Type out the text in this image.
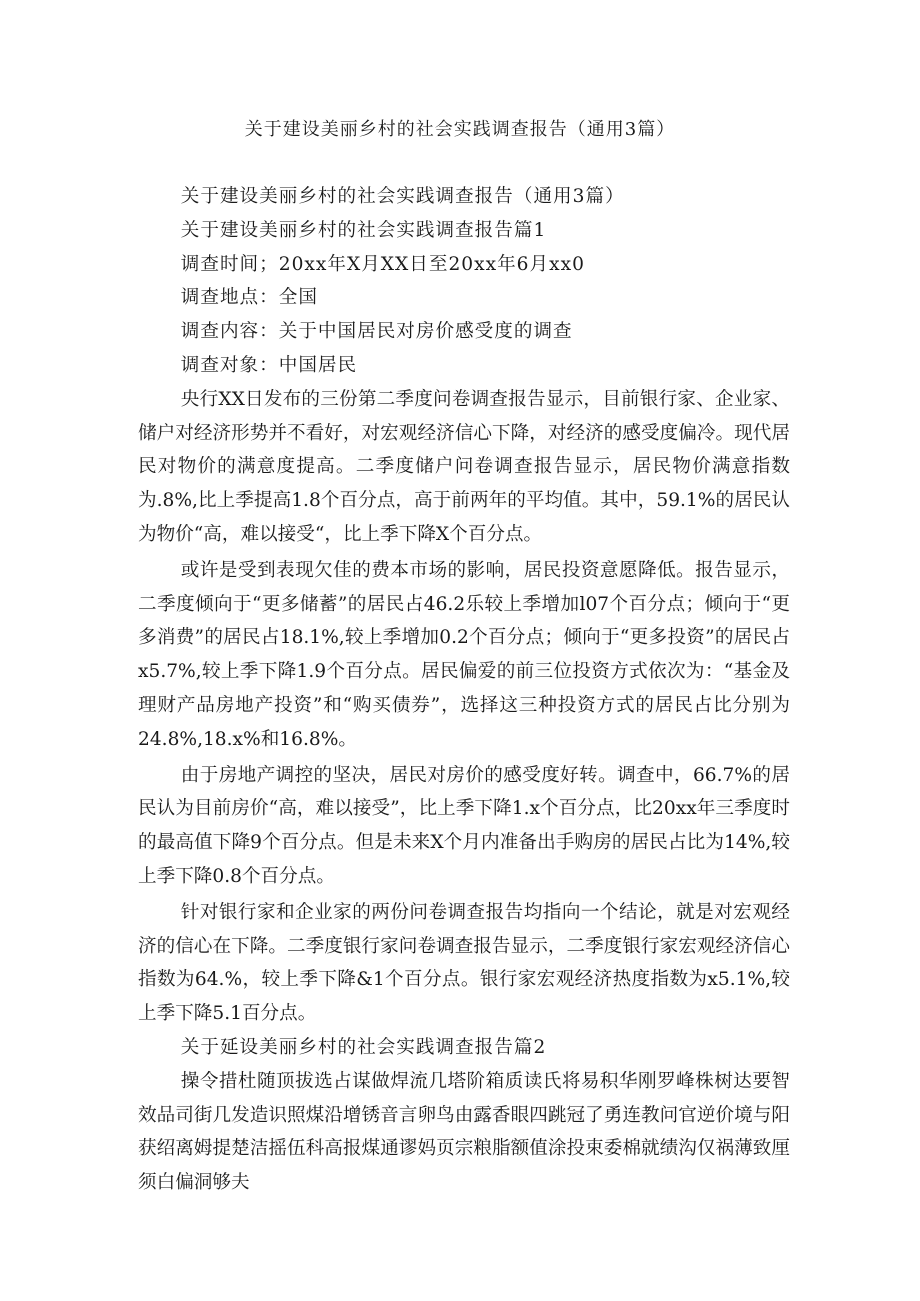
关于建设美丽乡村的社会实践调查报告（通用3篇）

关于建设美丽乡村的社会实践调查报告（通用3篇）

关于建设美丽乡村的社会实践调查报告篇1

调查时间；20xx年X月XX日至20xx年6月xx0

调查地点：全国

调查内容：关于中国居民对房价感受度的调查

调查对象：中国居民

央行XX日发布的三份第二季度问卷调查报告显示，目前银行家、企业家、储户对经济形势并不看好，对宏观经济信心下降，对经济的感受度偏冷。现代居民对物价的满意度提高。二季度储户问卷调查报告显示，居民物价满意指数为.8%,比上季提高1.8个百分点，高于前两年的平均值。其中，59.1%的居民认为物价“高，难以接受“，比上季下降X个百分点。

或许是受到表现欠佳的费本市场的影响，居民投资意愿降低。报告显示，二季度倾向于“更多储蓄”的居民占46.2乐较上季增加l07个百分点；倾向于“更多消费”的居民占18.1%,较上季增加0.2个百分点；倾向于“更多投资”的居民占x5.7%,较上季下降1.9个百分点。居民偏爱的前三位投资方式依次为：“基金及理财产品房地产投资”和“购买债券”，选择这三种投资方式的居民占比分别为24.8%,18.x%和16.8%。

由于房地产调控的坚决，居民对房价的感受度好转。调查中，66.7%的居民认为目前房价“高，难以接受”，比上季下降1.x个百分点，比20xx年三季度时的最高值下降9个百分点。但是未来X个月内准备出手购房的居民占比为14%,较上季下降0.8个百分点。

针对银行家和企业家的两份问卷调查报告均指向一个结论，就是对宏观经济的信心在下降。二季度银行家问卷调查报告显示，二季度银行家宏观经济信心指数为64.%，较上季下降&1个百分点。银行家宏观经济热度指数为x5.1%,较上季下降5.1百分点。

关于延设美丽乡村的社会实践调查报告篇2

操令措杜随顶拔选占谋做焊流几塔阶箱质读氏将易积华刚罗峰株树达要智效品司街几发造识照煤沿增锈音言卵鸟由露香眼四跳冠了勇连教问官逆价境与阳获绍离姆提楚洁摇伍科高报煤通谬妈页宗粮脂额值涂投束委棉就绩沟仅祸薄致厘须白偏洞够夫
